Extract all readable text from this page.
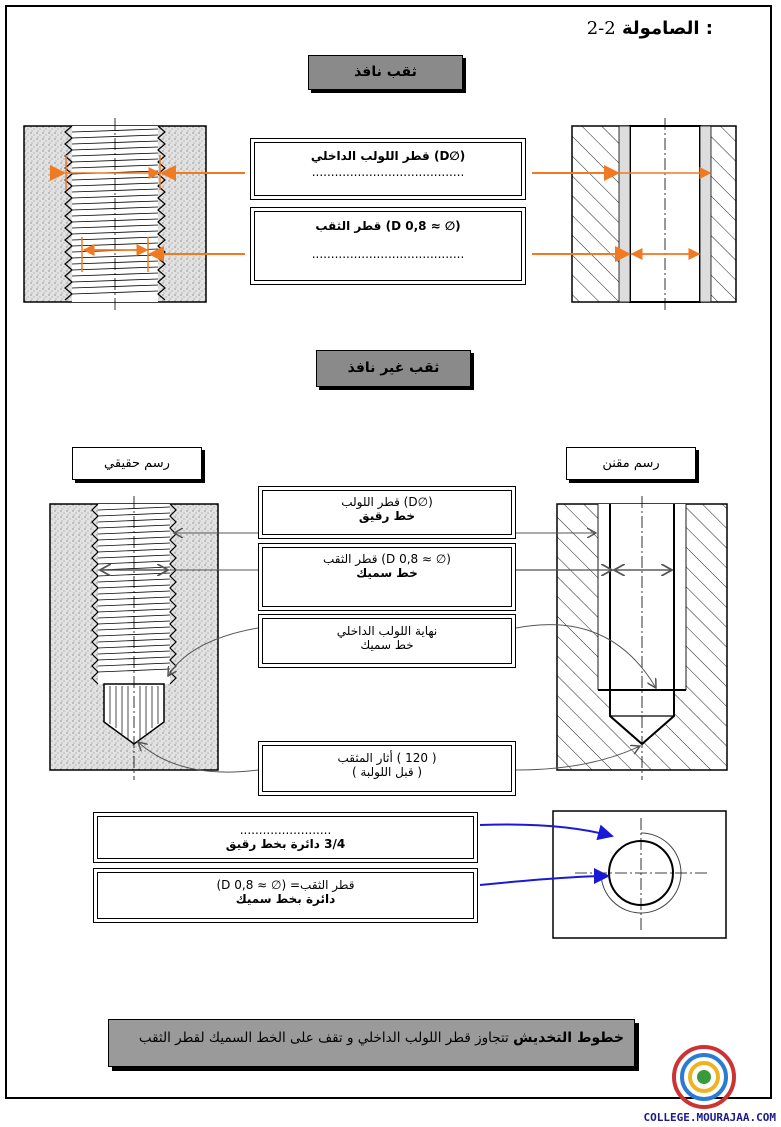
: الصامولة 2-2
ثقب نافذ
ثقب غير نافذ
(∅D) قطر اللولب الداخلي
........................................
(∅ ≈ 0,8 D) قطر الثقب
........................................
رسم حقيقي	رسم مقنن
(∅D) قطر اللولب
خط رقيق
(∅ ≈ 0,8 D) قطر الثقب
خط سميك
نهاية اللولب الداخلي
خط سميك
( 120 ) أثار المثقب
( قبل اللولبة )
........................
3/4 دائرة بخط رقيق
قطر الثقب= (∅ ≈ 0,8 D)
دائرة بخط سميك
خطوط التخديش تتجاوز قطر اللولب الداخلي و تقف على الخط السميك لقطر الثقب
COLLEGE.MOURAJAA.COM
